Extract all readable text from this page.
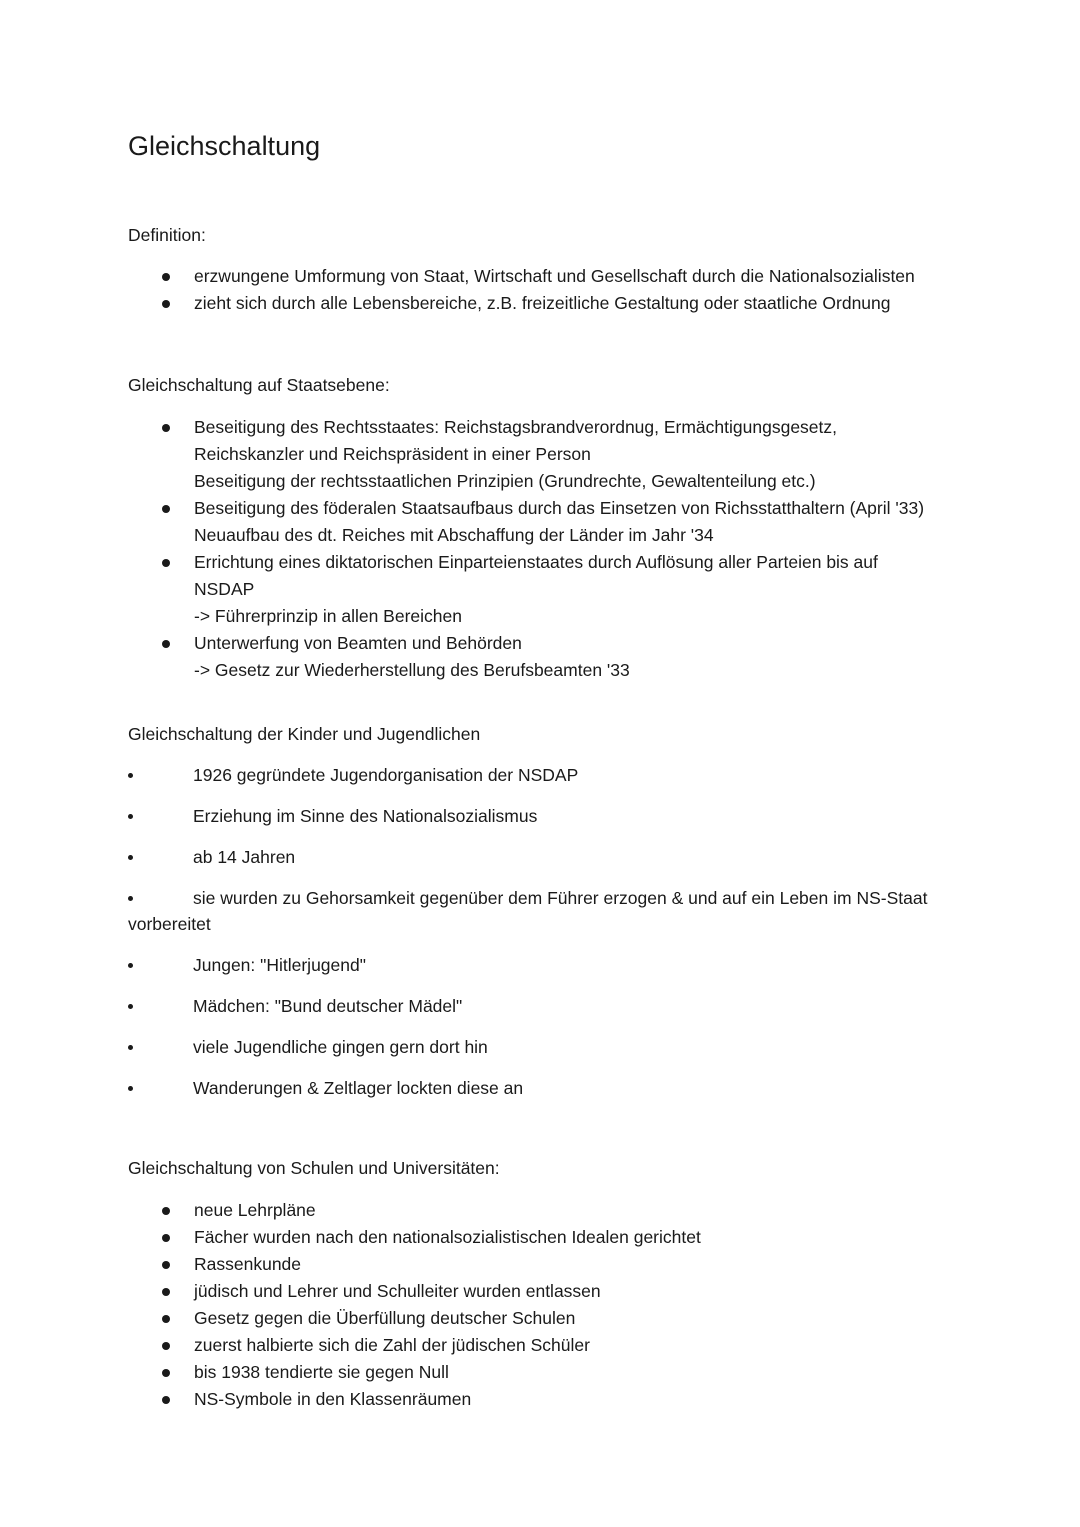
Gleichschaltung

Definition:

erzwungene Umformung von Staat, Wirtschaft und Gesellschaft durch die Nationalsozialisten
zieht sich durch alle Lebensbereiche, z.B. freizeitliche Gestaltung oder staatliche Ordnung

Gleichschaltung auf Staatsebene:

Beseitigung des Rechtsstaates: Reichstagsbrandverordnug, Ermächtigungsgesetz,
Reichskanzler und Reichspräsident in einer Person
Beseitigung der rechtsstaatlichen Prinzipien (Grundrechte, Gewaltenteilung etc.)
Beseitigung des föderalen Staatsaufbaus durch das Einsetzen von Richsstatthaltern (April '33)
Neuaufbau des dt. Reiches mit Abschaffung der Länder im Jahr '34
Errichtung eines diktatorischen Einparteienstaates durch Auflösung aller Parteien bis auf
NSDAP
-> Führerprinzip in allen Bereichen
Unterwerfung von Beamten und Behörden
-> Gesetz zur Wiederherstellung des Berufsbeamten '33

Gleichschaltung der Kinder und Jugendlichen

1926 gegründete Jugendorganisation der NSDAP
Erziehung im Sinne des Nationalsozialismus
ab 14 Jahren
sie wurden zu Gehorsamkeit gegenüber dem Führer erzogen & und auf ein Leben im NS-Staat
vorbereitet
Jungen: "Hitlerjugend"
Mädchen: "Bund deutscher Mädel"
viele Jugendliche gingen gern dort hin
Wanderungen & Zeltlager lockten diese an

Gleichschaltung von Schulen und Universitäten:

neue Lehrpläne
Fächer wurden nach den nationalsozialistischen Idealen gerichtet
Rassenkunde
jüdisch und Lehrer und Schulleiter wurden entlassen
Gesetz gegen die Überfüllung deutscher Schulen
zuerst halbierte sich die Zahl der jüdischen Schüler
bis 1938 tendierte sie gegen Null
NS-Symbole in den Klassenräumen
